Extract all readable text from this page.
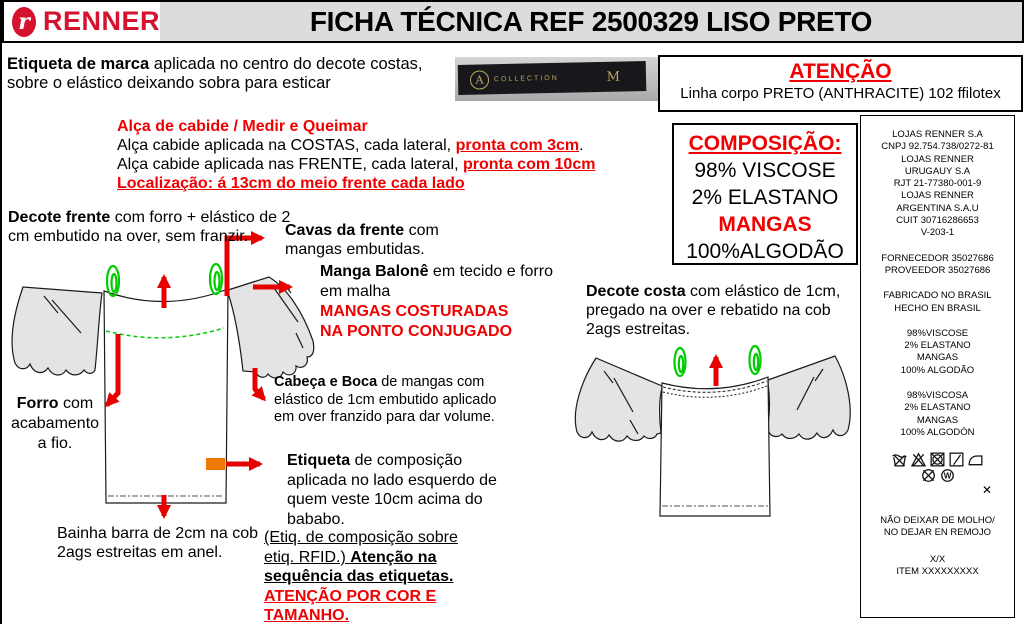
r RENNER	FICHA TÉCNICA REF 2500329 LISO PRETO
Etiqueta de marca aplicada no centro do decote costas, sobre o elástico deixando sobra para esticar	A	COLLECTION	M	ATENÇÃO
Linha corpo PRETO (ANTHRACITE) 102 ffilotex
Alça de cabide / Medir e Queimar
Alça cabide aplicada na COSTAS, cada lateral, pronta com 3cm.
Alça cabide aplicada nas FRENTE, cada lateral, pronta com 10cm
Localização: á 13cm do meio frente cada lado
COMPOSIÇÃO:
98% VISCOSE
2% ELASTANO
MANGAS
100%ALGODÃO
LOJAS RENNER S.A
CNPJ 92.754.738/0272-81
LOJAS RENNER
URUGAUY S.A
RJT 21-77380-001-9
LOJAS RENNER
ARGENTINA S.A.U
CUIT 30716286653
V-203-1
FORNECEDOR 35027686
PROVEEDOR 35027686
FABRICADO NO BRASIL
HECHO EN BRASIL
98%VISCOSE
2% ELASTANO
MANGAS
100% ALGODÃO
98%VISCOSA
2% ELASTANO
MANGAS
100% ALGODÓN
W
✕
NÃO DEIXAR DE MOLHO/
NO DEJAR EN REMOJO
X/X
ITEM XXXXXXXXX
Decote frente com forro + elástico de 2 cm embutido na over, sem franzir.	Cavas da frente com mangas embutidas.
Manga Balonê em tecido e forro em malha
MANGAS COSTURADAS
NA PONTO CONJUGADO
Cabeça e Boca de mangas com elástico de 1cm embutido aplicado em over franzido para dar volume.
Etiqueta de composição aplicada no lado esquerdo de quem veste 10cm acima do bababo.
(Etiq. de composição sobre etiq. RFID.) Atenção na sequência das etiquetas.
ATENÇÃO POR COR E TAMANHO.
Forro com
acabamento
a fio.
Bainha barra de 2cm na cob 2ags estreitas em anel.
Decote costa com elástico de 1cm, pregado na over e rebatido na cob 2ags estreitas.
